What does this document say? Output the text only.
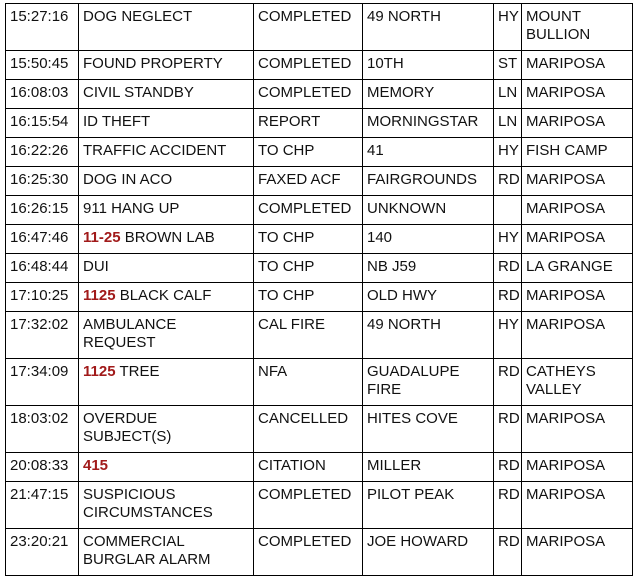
15:27:16	DOG NEGLECT	COMPLETED	49 NORTH	HY	MOUNT BULLION
15:50:45	FOUND PROPERTY	COMPLETED	10TH	ST	MARIPOSA
16:08:03	CIVIL STANDBY	COMPLETED	MEMORY	LN	MARIPOSA
16:15:54	ID THEFT	REPORT	MORNINGSTAR	LN	MARIPOSA
16:22:26	TRAFFIC ACCIDENT	TO CHP	41	HY	FISH CAMP
16:25:30	DOG IN ACO	FAXED ACF	FAIRGROUNDS	RD	MARIPOSA
16:26:15	911 HANG UP	COMPLETED	UNKNOWN		MARIPOSA
16:47:46	11-25 BROWN LAB	TO CHP	140	HY	MARIPOSA
16:48:44	DUI	TO CHP	NB J59	RD	LA GRANGE
17:10:25	1125 BLACK CALF	TO CHP	OLD HWY	RD	MARIPOSA
17:32:02	AMBULANCE REQUEST	CAL FIRE	49 NORTH	HY	MARIPOSA
17:34:09	1125 TREE	NFA	GUADALUPE FIRE	RD	CATHEYS VALLEY
18:03:02	OVERDUE SUBJECT(S)	CANCELLED	HITES COVE	RD	MARIPOSA
20:08:33	415	CITATION	MILLER	RD	MARIPOSA
21:47:15	SUSPICIOUS CIRCUMSTANCES	COMPLETED	PILOT PEAK	RD	MARIPOSA
23:20:21	COMMERCIAL BURGLAR ALARM	COMPLETED	JOE HOWARD	RD	MARIPOSA
